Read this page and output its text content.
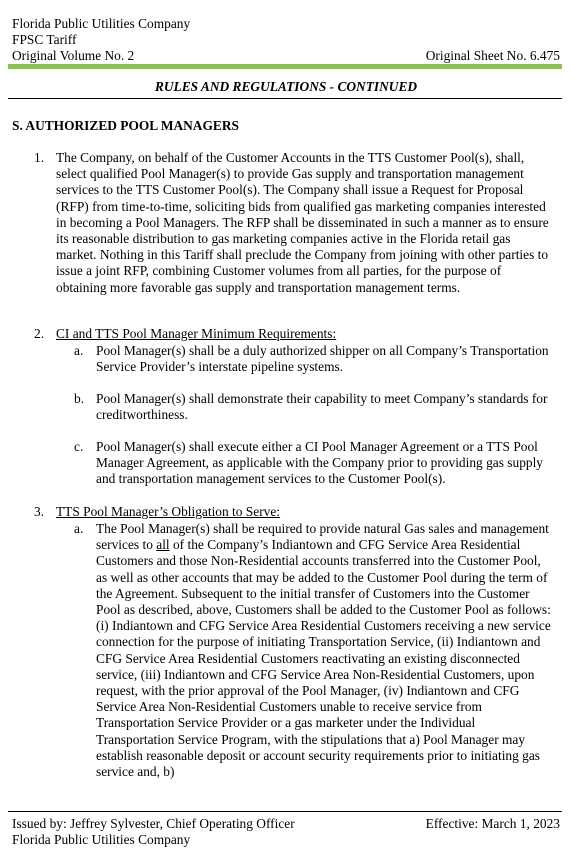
Florida Public Utilities Company
FPSC Tariff
Original Volume No. 2	Original Sheet No. 6.475
RULES AND REGULATIONS - CONTINUED
S. AUTHORIZED POOL MANAGERS
1. The Company, on behalf of the Customer Accounts in the TTS Customer Pool(s), shall, select qualified Pool Manager(s) to provide Gas supply and transportation management services to the TTS Customer Pool(s). The Company shall issue a Request for Proposal (RFP) from time-to-time, soliciting bids from qualified gas marketing companies interested in becoming a Pool Managers. The RFP shall be disseminated in such a manner as to ensure its reasonable distribution to gas marketing companies active in the Florida retail gas market. Nothing in this Tariff shall preclude the Company from joining with other parties to issue a joint RFP, combining Customer volumes from all parties, for the purpose of obtaining more favorable gas supply and transportation management terms.
2. CI and TTS Pool Manager Minimum Requirements:
a. Pool Manager(s) shall be a duly authorized shipper on all Company’s Transportation Service Provider’s interstate pipeline systems.
b. Pool Manager(s) shall demonstrate their capability to meet Company’s standards for creditworthiness.
c. Pool Manager(s) shall execute either a CI Pool Manager Agreement or a TTS Pool Manager Agreement, as applicable with the Company prior to providing gas supply and transportation management services to the Customer Pool(s).
3. TTS Pool Manager’s Obligation to Serve:
a. The Pool Manager(s) shall be required to provide natural Gas sales and management services to all of the Company’s Indiantown and CFG Service Area Residential Customers and those Non-Residential accounts transferred into the Customer Pool, as well as other accounts that may be added to the Customer Pool during the term of the Agreement. Subsequent to the initial transfer of Customers into the Customer Pool as described, above, Customers shall be added to the Customer Pool as follows: (i) Indiantown and CFG Service Area Residential Customers receiving a new service connection for the purpose of initiating Transportation Service, (ii) Indiantown and CFG Service Area Residential Customers reactivating an existing disconnected service, (iii) Indiantown and CFG Service Area Non-Residential Customers, upon request, with the prior approval of the Pool Manager, (iv) Indiantown and CFG Service Area Non-Residential Customers unable to receive service from Transportation Service Provider or a gas marketer under the Individual Transportation Service Program, with the stipulations that a) Pool Manager may establish reasonable deposit or account security requirements prior to initiating gas service and, b)
Issued by: Jeffrey Sylvester, Chief Operating Officer	Effective: March 1, 2023
Florida Public Utilities Company
